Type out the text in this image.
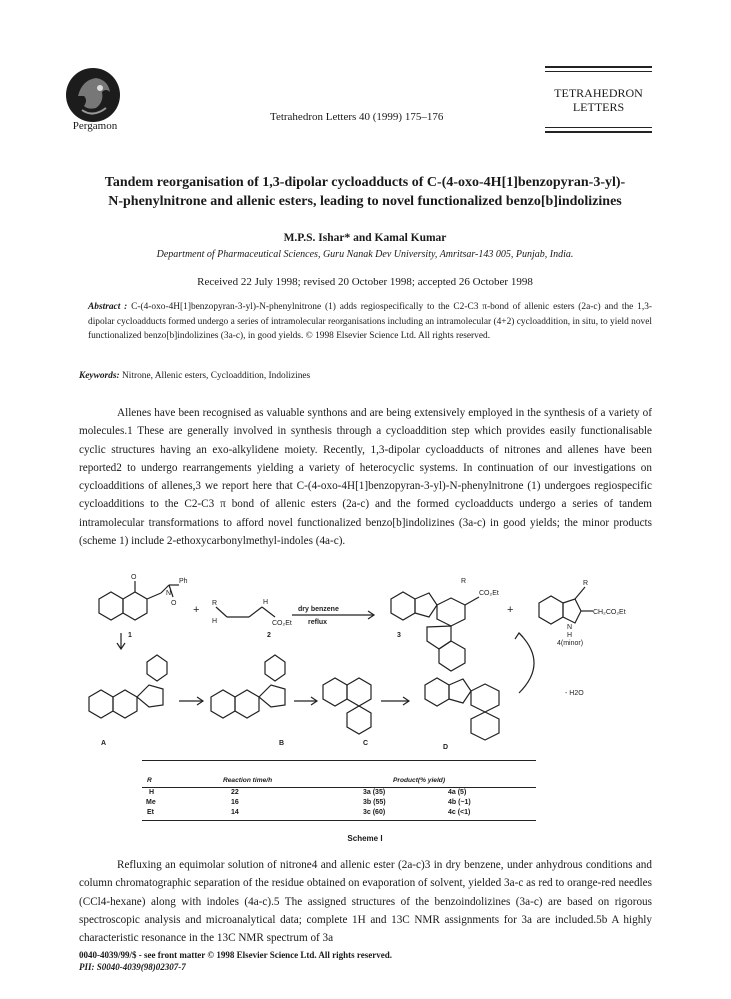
Pergamon
Tetrahedron Letters 40 (1999) 175–176
TETRAHEDRON
LETTERS
Tandem reorganisation of 1,3-dipolar cycloadducts of C-(4-oxo-4H[1]benzopyran-3-yl)-
N-phenylnitrone and allenic esters, leading to novel functionalized benzo[b]indolizines
M.P.S. Ishar* and Kamal Kumar
Department of Pharmaceutical Sciences, Guru Nanak Dev University, Amritsar-143 005, Punjab, India.
Received 22 July 1998; revised 20 October 1998; accepted 26 October 1998
Abstract : C-(4-oxo-4H[1]benzopyran-3-yl)-N-phenylnitrone (1) adds regiospecifically to the C2-C3 π-bond of allenic esters (2a-c) and the 1,3-dipolar cycloadducts formed undergo a series of intramolecular reorganisations including an intramolecular (4+2) cycloaddition, in situ, to yield novel functionalized benzo[b]indolizines (3a-c), in good yields. © 1998 Elsevier Science Ltd. All rights reserved.
Keywords: Nitrone, Allenic esters, Cycloaddition, Indolizines
Allenes have been recognised as valuable synthons and are being extensively employed in the synthesis of a variety of molecules.1 These are generally involved in synthesis through a cycloaddition step which provides easily functionalisable cyclic structures having an exo-alkylidene moiety. Recently, 1,3-dipolar cycloadducts of nitrones and allenes have been reported2 to undergo rearrangements yielding a variety of heterocyclic systems. In continuation of our investigations on cycloadditions of allenes,3 we report here that C-(4-oxo-4H[1]benzopyran-3-yl)-N-phenylnitrone (1) undergoes regiospecific cycloadditions to the C2-C3 π bond of allenic esters (2a-c) and the formed cycloadducts undergo a series of tandem intramolecular transformations to afford novel functionalized benzo[b]indolizines (3a-c) in good yields; the minor products (scheme 1) include 2-ethoxycarbonylmethyl-indoles (4a-c).
O
Ph
N
O
+
R
H
H
CO₂Et
dry benzene
reflux
CO₂Et
R
+
R
CH₂CO₂Et
N
H
4(minor)
- H2O
1	2	3
A	B	C
D
R	Reaction time/h	Product(% yield)
H	22	3a (35)	4a (5)
Me	16	3b (55)	4b (~1)
Et	14	3c (60)	4c (<1)
Scheme I
Refluxing an equimolar solution of nitrone4 and allenic ester (2a-c)3 in dry benzene, under anhydrous conditions and column chromatographic separation of the residue obtained on evaporation of solvent, yielded 3a-c as red to orange-red needles (CCl4-hexane) along with indoles (4a-c).5 The assigned structures of the benzoindolizines (3a-c) are based on rigorous spectroscopic analysis and microanalytical data; complete 1H and 13C NMR assignments for 3a are included.5b A highly characteristic resonance in the 13C NMR spectrum of 3a
0040-4039/99/$ - see front matter © 1998 Elsevier Science Ltd. All rights reserved.
PII: S0040-4039(98)02307-7
